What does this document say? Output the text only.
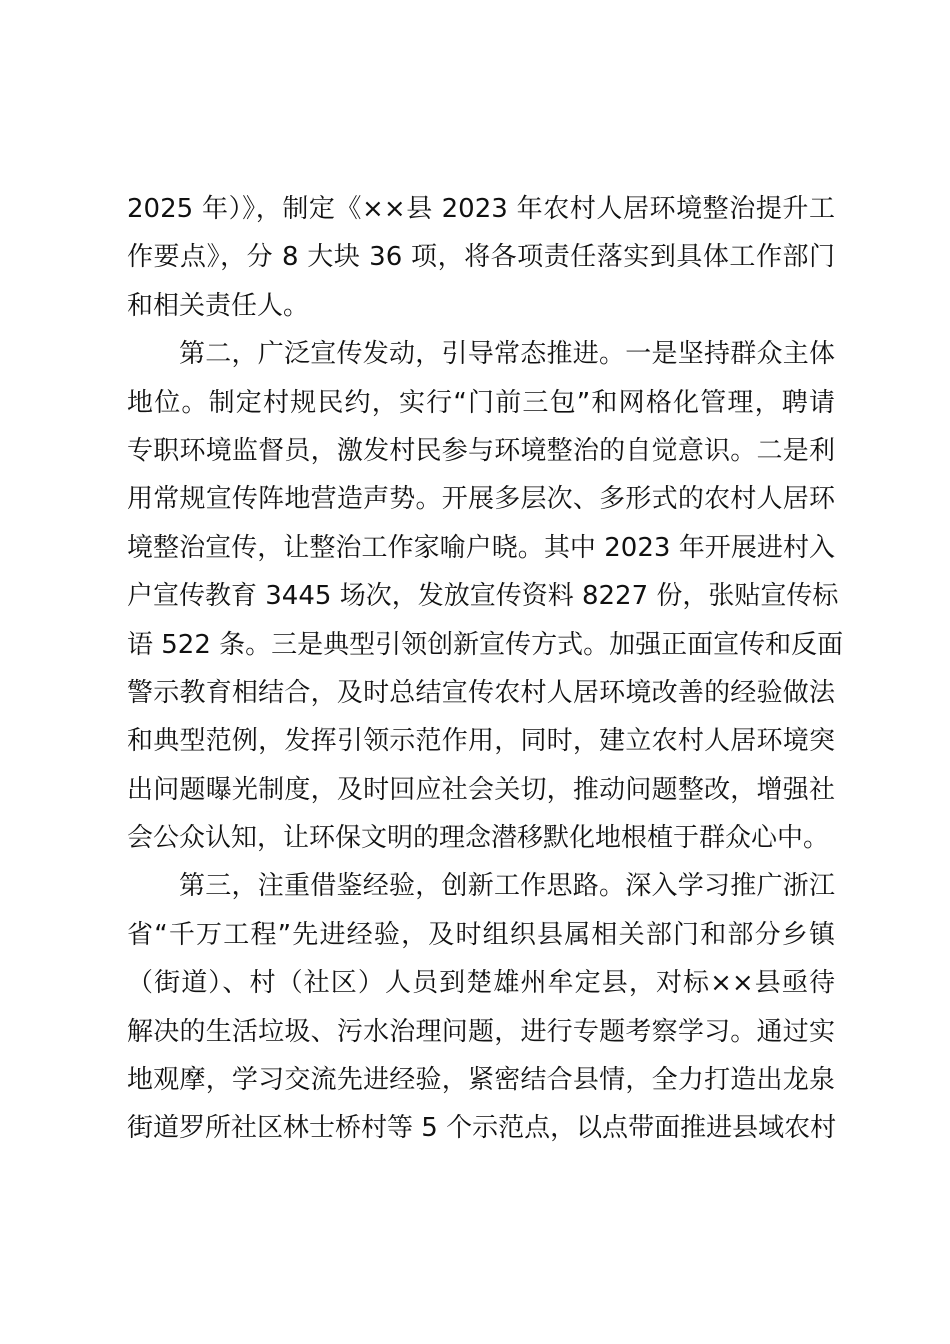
2025 年）》，制定《××县 2023 年农村人居环境整治提升工
作要点》，分 8 大块 36 项，将各项责任落实到具体工作部门
和相关责任人。
第二，广泛宣传发动，引导常态推进。一是坚持群众主体
地位。制定村规民约，实行“门前三包”和网格化管理，聘请
专职环境监督员，激发村民参与环境整治的自觉意识。二是利
用常规宣传阵地营造声势。开展多层次、多形式的农村人居环
境整治宣传，让整治工作家喻户晓。其中 2023 年开展进村入
户宣传教育 3445 场次，发放宣传资料 8227 份，张贴宣传标
语 522 条。三是典型引领创新宣传方式。加强正面宣传和反面
警示教育相结合，及时总结宣传农村人居环境改善的经验做法
和典型范例，发挥引领示范作用，同时，建立农村人居环境突
出问题曝光制度，及时回应社会关切，推动问题整改，增强社
会公众认知，让环保文明的理念潜移默化地根植于群众心中。
第三，注重借鉴经验，创新工作思路。深入学习推广浙江
省“千万工程”先进经验，及时组织县属相关部门和部分乡镇
（街道）、村（社区）人员到楚雄州牟定县，对标××县亟待
解决的生活垃圾、污水治理问题，进行专题考察学习。通过实
地观摩，学习交流先进经验，紧密结合县情，全力打造出龙泉
街道罗所社区林士桥村等 5 个示范点，以点带面推进县域农村
